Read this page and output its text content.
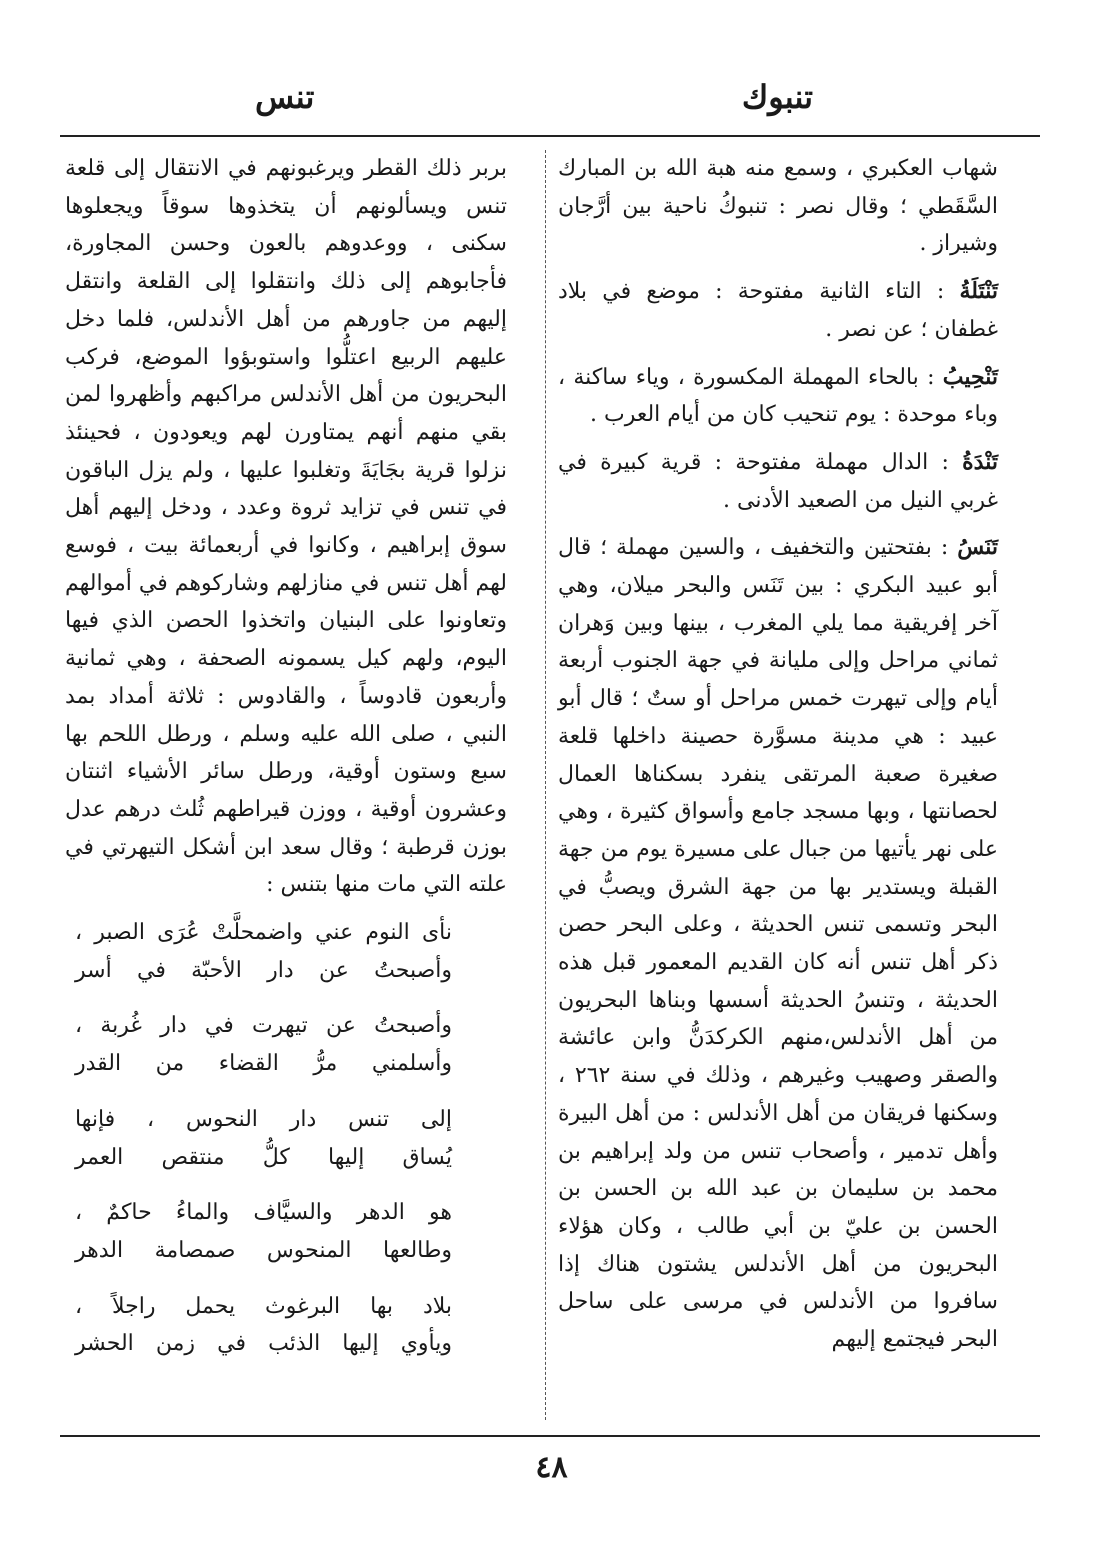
تنبوك
تنس

شهاب العكبري ، وسمع منه هبة الله بن المبارك السَّقَطي ؛ وقال نصر : تنبوكُ ناحية بين أرَّجان وشيراز .

تَنْتَلَةُ : التاء الثانية مفتوحة : موضع في بلاد غطفان ؛ عن نصر .

تَنْحِيبُ : بالحاء المهملة المكسورة ، وياء ساكنة ، وباء موحدة : يوم تنحيب كان من أيام العرب .

تَنْدَةُ : الدال مهملة مفتوحة : قرية كبيرة في غربي النيل من الصعيد الأدنى .

تَنَسُ : بفتحتين والتخفيف ، والسين مهملة ؛ قال أبو عبيد البكري : بين تَنَس والبحر ميلان، وهي آخر إفريقية مما يلي المغرب ، بينها وبين وَهران ثماني مراحل وإلى مليانة في جهة الجنوب أربعة أيام وإلى تيهرت خمس مراحل أو ستٌ ؛ قال أبو عبيد : هي مدينة مسوَّرة حصينة داخلها قلعة صغيرة صعبة المرتقى ينفرد بسكناها العمال لحصانتها ، وبها مسجد جامع وأسواق كثيرة ، وهي على نهر يأتيها من جبال على مسيرة يوم من جهة القبلة ويستدير بها من جهة الشرق ويصبُّ في البحر وتسمى تنس الحديثة ، وعلى البحر حصن ذكر أهل تنس أنه كان القديم المعمور قبل هذه الحديثة ، وتنسُ الحديثة أسسها وبناها البحريون من أهل الأندلس،منهم الكركدَنُّ وابن عائشة والصقر وصهيب وغيرهم ، وذلك في سنة ٢٦٢ ، وسكنها فريقان من أهل الأندلس : من أهل البيرة وأهل تدمير ، وأصحاب تنس من ولد إبراهيم بن محمد بن سليمان بن عبد الله بن الحسن بن الحسن بن عليّ بن أبي طالب ، وكان هؤلاء البحريون من أهل الأندلس يشتون هناك إذا سافروا من الأندلس في مرسى على ساحل البحر فيجتمع إليهم

بربر ذلك القطر ويرغبونهم في الانتقال إلى قلعة تنس ويسألونهم أن يتخذوها سوقاً ويجعلوها سكنى ، ووعدوهم بالعون وحسن المجاورة، فأجابوهم إلى ذلك وانتقلوا إلى القلعة وانتقل إليهم من جاورهم من أهل الأندلس، فلما دخل عليهم الربيع اعتلُّوا واستوبؤوا الموضع، فركب البحريون من أهل الأندلس مراكبهم وأظهروا لمن بقي منهم أنهم يمتاورن لهم ويعودون ، فحينئذ نزلوا قرية بجَايَةَ وتغلبوا عليها ، ولم يزل الباقون في تنس في تزايد ثروة وعدد ، ودخل إليهم أهل سوق إبراهيم ، وكانوا في أربعمائة بيت ، فوسع لهم أهل تنس في منازلهم وشاركوهم في أموالهم وتعاونوا على البنيان واتخذوا الحصن الذي فيها اليوم، ولهم كيل يسمونه الصحفة ، وهي ثمانية وأربعون قادوساً ، والقادوس : ثلاثة أمداد بمد النبي ، صلى الله عليه وسلم ، ورطل اللحم بها سبع وستون أوقية، ورطل سائر الأشياء اثنتان وعشرون أوقية ، ووزن قيراطهم ثُلث درهم عدل بوزن قرطبة ؛ وقال سعد ابن أشكل التيهرتي في علته التي مات منها بتنس :

نأى النوم عني واضمحلَّتْ عُرَى الصبر ،
وأصبحتُ عن دار الأحبّة في أسر
وأصبحتُ عن تيهرت في دار غُربة ،
وأسلمني مرُّ القضاء من القدر
إلى تنس دار النحوس ، فإنها
يُساق إليها كلُّ منتقص العمر
هو الدهر والسيَّاف والماءُ حاكمٌ ،
وطالعها المنحوس صمصامة الدهر
بلاد بها البرغوث يحمل راجلاً ،
ويأوي إليها الذئب في زمن الحشر
٤٨
